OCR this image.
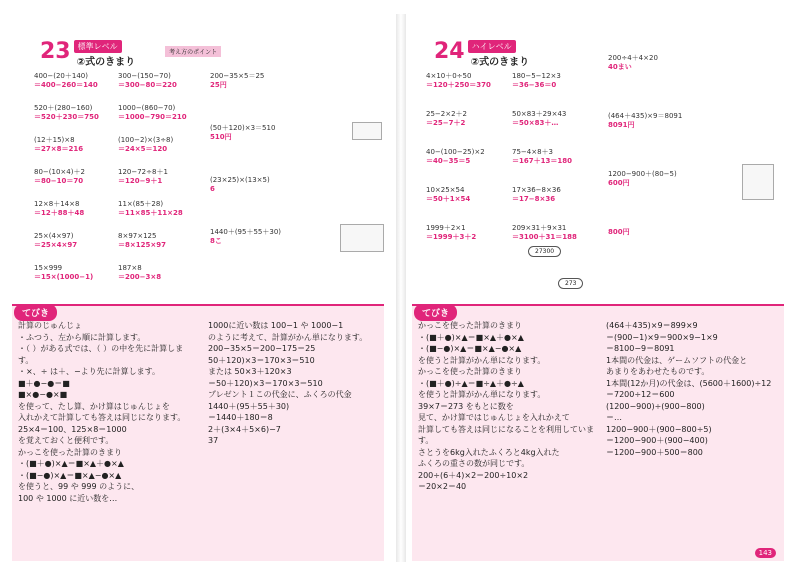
23 標準レベル
②式のきまり
考え方のポイント
400−(20＋140)
＝400−260＝140
520＋(280−160)
＝520＋230＝750
(12＋15)×8
＝27×8＝216
80−(10×4)＋2
＝80−10＝70
12×8＋14×8
＝12＋88＋48
25×(4×97)
＝25×4×97
15×999
＝15×(1000−1)
300−(150−70)
＝300−80＝220
1000−(860−70)
＝1000−790＝210
(100−2)×(3÷8)
＝24×5＝120
120−72÷8＋1
＝120−9＋1
11×(85＋28)
＝11×85＋11×28
8×97×125
＝8×125×97
187×8
＝200−3×8
200−35×5＝25
25円
(50＋120)×3＝510
510円
(23×25)×(13×5)
6
1440＋(95＋55＋30)
8こ
てびき
計算のじゅんじょ
・ふつう、左から順に計算します。
・（ ）がある式では、（ ）の中を先に計算します。
・×、÷ は＋、−より先に計算します。
■＋●−●＝■
■×●−●×■
を使って、たし算、かけ算はじゅんじょを
入れかえて計算しても答えは同じになります。
25×4＝100、125×8＝1000
を覚えておくと便利です。
かっこを使った計算のきまり
・(■＋●)×▲＝■×▲＋●×▲
・(■−●)×▲＝■×▲−●×▲
を使うと、99 や 999 のように、
100 や 1000 に近い数を…
1000に近い数は 100−1 や 1000−1
のように考えて、計算がかん単になります。
200−35×5＝200−175＝25
50＋120)×3＝170×3＝510
または 50×3＋120×3
＝50＋120)×3＝170×3＝510
プレゼント１この代金に、ふくろの代金
1440＋(95＋55＋30)
＝1440＋180＝8
2＋(3×4＋5×6)−7
37
24 ハイレベル
②式のきまり
4×10＋0÷50
＝120＋250＝370
25−2×2＋2
＝25−7＋2
40−(100−25)×2
＝40−35＝5
10×25×54
＝50＋1×54
1999＋2×1
＝1999＋3＋2
180−5−12×3
＝36−36＝0
50×83＋29×43
＝50×83＋…
75−4×8＋3
＝167＋13＝180
17×36−8×36
＝17−8×36
209×31＋9×31
＝3100＋31＝188
200÷4＋4×20
40まい
(464＋435)×9＝8091
8091円
1200−900＋(80−5)
600円
800円
27300
273
てびき
かっこを使った計算のきまり
・(■＋●)×▲＝■×▲＋●×▲
・(■−●)×▲＝■×▲−●×▲
を使うと計算がかん単になります。
かっこを使った計算のきまり
・(■＋●)÷▲＝■÷▲＋●÷▲
を使うと計算がかん単になります。
39×7＝273 をもとに数を
見て、かけ算ではじゅんじょを入れかえて
計算しても答えは同じになることを利用しています。
さとうを6kg入れたふくろと4kg入れた
ふくろの重さの数が同じです。
200÷(6＋4)×2＝200÷10×2
＝20×2＝40
(464＋435)×9＝899×9
＝(900−1)×9＝900×9−1×9
＝8100−9＝8091
1本間の代金は、ゲームソフトの代金と
あまりをあわせたものです。
1本間(12か月)の代金は、(5600＋1600)÷12
＝7200÷12＝600
(1200−900)÷(900−800)
＝…
1200−900＋(900−800÷5)
＝1200−900＋(900−400)
＝1200−900＋500＝800
143
